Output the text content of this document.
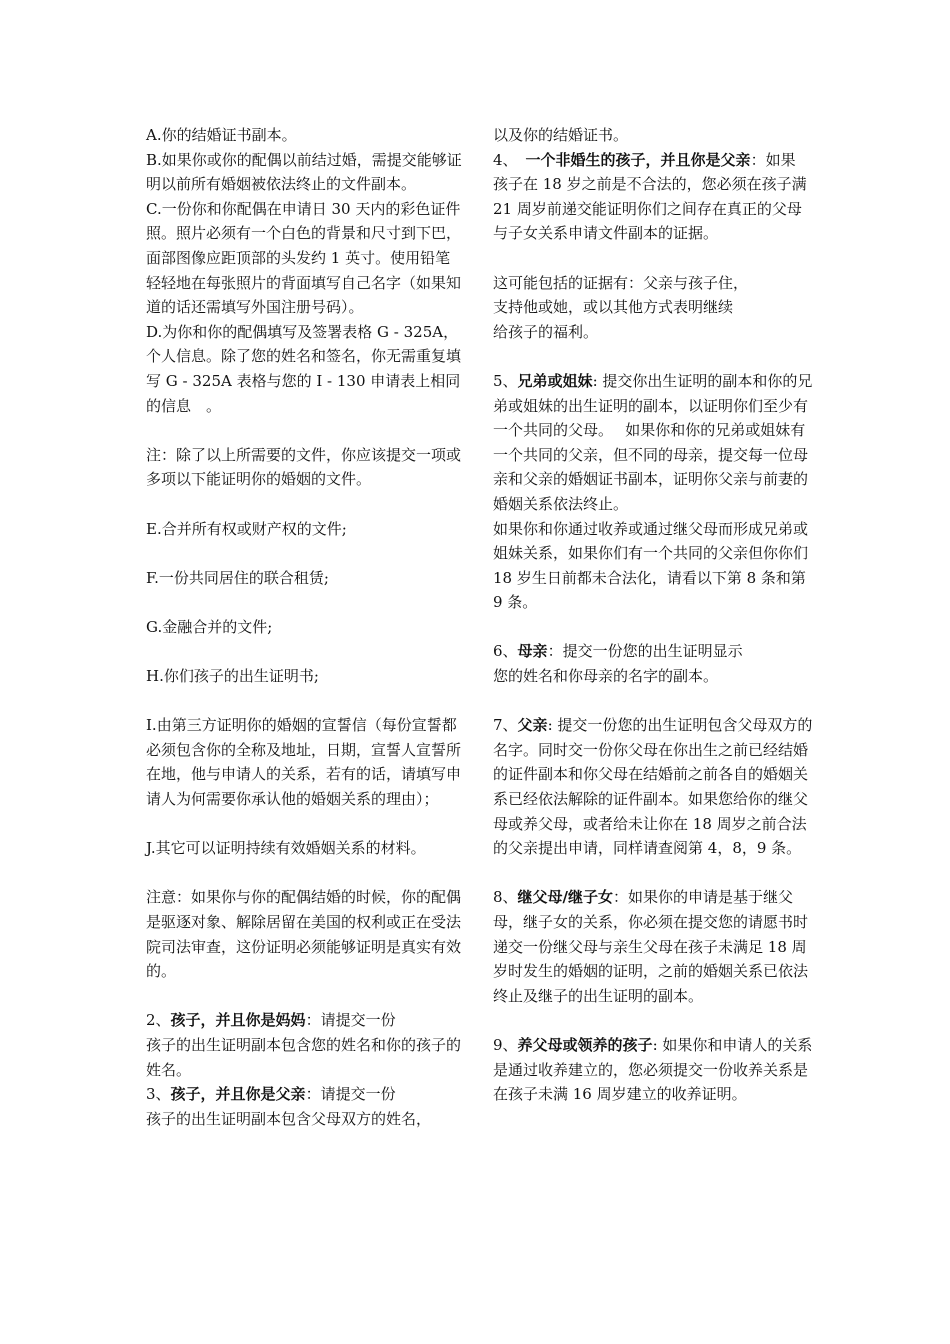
A.你的结婚证书副本。

B.如果你或你的配偶以前结过婚，需提交能够证明以前所有婚姻被依法终止的文件副本。

C.一份你和你配偶在申请日 30 天内的彩色证件照。照片必须有一个白色的背景和尺寸到下巴，面部图像应距顶部的头发约 1 英寸。使用铅笔轻轻地在每张照片的背面填写自己名字（如果知道的话还需填写外国注册号码）。

D.为你和你的配偶填写及签署表格 G - 325A，个人信息。除了您的姓名和签名，你无需重复填写 G - 325A 表格与您的 I - 130 申请表上相同的信息　。

注：除了以上所需要的文件，你应该提交一项或多项以下能证明你的婚姻的文件。

E.合并所有权或财产权的文件;

F.一份共同居住的联合租赁;

G.金融合并的文件;

H.你们孩子的出生证明书;

I.由第三方证明你的婚姻的宣誓信（每份宣誓都必须包含你的全称及地址，日期，宣誓人宣誓所在地，他与申请人的关系，若有的话，请填写申请人为何需要你承认他的婚姻关系的理由）；

J.其它可以证明持续有效婚姻关系的材料。

注意：如果你与你的配偶结婚的时候，你的配偶是驱逐对象、解除居留在美国的权利或正在受法院司法审查，这份证明必须能够证明是真实有效的。

2、孩子，并且你是妈妈：请提交一份

孩子的出生证明副本包含您的姓名和你的孩子的姓名。

3、孩子，并且你是父亲：请提交一份

孩子的出生证明副本包含父母双方的姓名，

以及你的结婚证书。

4、 一个非婚生的孩子，并且你是父亲：如果

孩子在 18 岁之前是不合法的，您必须在孩子满 21 周岁前递交能证明你们之间存在真正的父母与子女关系申请文件副本的证据。

这可能包括的证据有：父亲与孩子住，

支持他或她，或以其他方式表明继续

给孩子的福利。

5、兄弟或姐妹: 提交你出生证明的副本和你的兄弟或姐妹的出生证明的副本，以证明你们至少有一个共同的父母。　 如果你和你的兄弟或姐妹有一个共同的父亲，但不同的母亲，提交每一位母亲和父亲的婚姻证书副本，证明你父亲与前妻的婚姻关系依法终止。

如果你和你通过收养或通过继父母而形成兄弟或姐妹关系，如果你们有一个共同的父亲但你你们 18 岁生日前都未合法化，请看以下第 8 条和第 9 条。

6、母亲：提交一份您的出生证明显示

您的姓名和你母亲的名字的副本。

7、父亲: 提交一份您的出生证明包含父母双方的名字。同时交一份你父母在你出生之前已经结婚的证件副本和你父母在结婚前之前各自的婚姻关系已经依法解除的证件副本。如果您给你的继父母或养父母，或者给未让你在 18 周岁之前合法的父亲提出申请，同样请查阅第 4，8，9 条。

8、继父母/继子女：如果你的申请是基于继父母，继子女的关系，你必须在提交您的请愿书时递交一份继父母与亲生父母在孩子未满足 18 周岁时发生的婚姻的证明，之前的婚姻关系已依法终止及继子的出生证明的副本。

9、养父母或领养的孩子: 如果你和申请人的关系是通过收养建立的，您必须提交一份收养关系是在孩子未满 16 周岁建立的收养证明。
